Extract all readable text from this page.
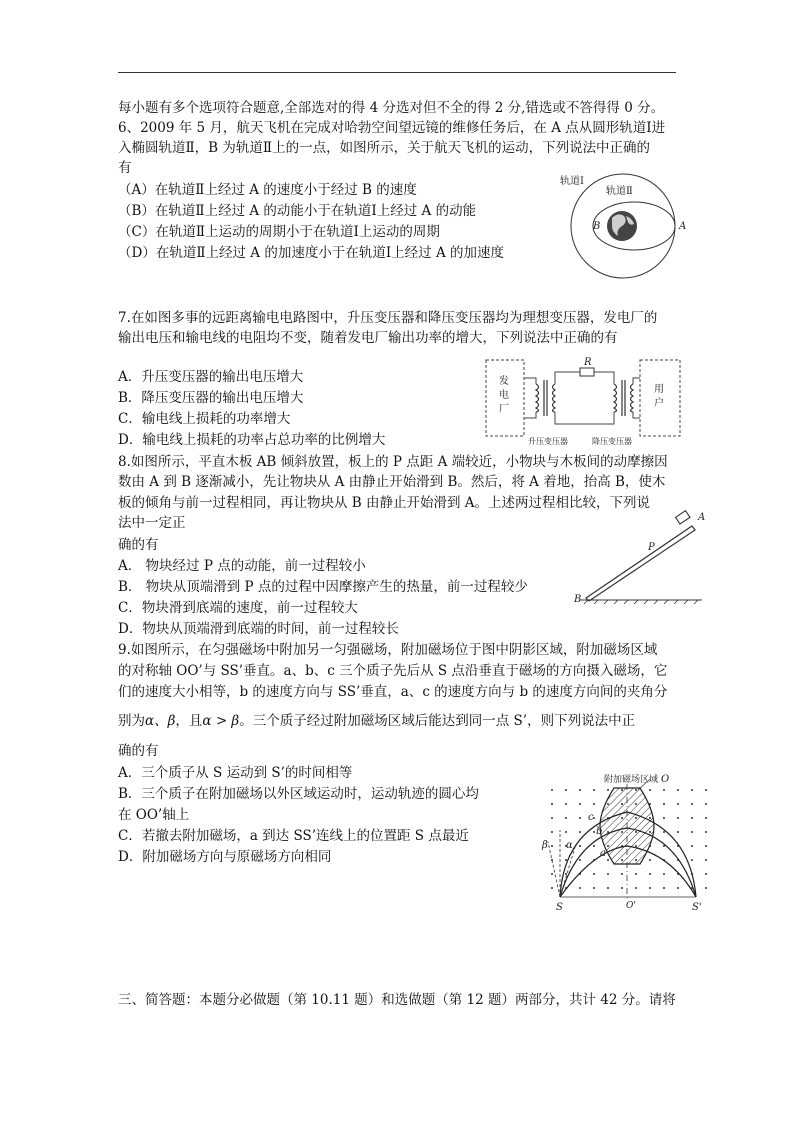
每小题有多个选项符合题意,全部选对的得 4 分选对但不全的得 2 分,错选或不答得得 0 分。
6、2009 年 5 月，航天飞机在完成对哈勃空间望远镜的维修任务后，在 A 点从圆形轨道Ⅰ进
入椭圆轨道Ⅱ，B 为轨道Ⅱ上的一点，如图所示，关于航天飞机的运动，下列说法中正确的
有
（A）在轨道Ⅱ上经过 A 的速度小于经过 B 的速度
（B）在轨道Ⅱ上经过 A 的动能小于在轨道Ⅰ上经过 A 的动能
（C）在轨道Ⅱ上运动的周期小于在轨道Ⅰ上运动的周期
（D）在轨道Ⅱ上经过 A 的加速度小于在轨道Ⅰ上经过 A 的加速度
轨道Ⅰ
轨道Ⅱ
B	A
7.在如图多事的远距离输电电路图中，升压变压器和降压变压器均为理想变压器，发电厂的
输出电压和输电线的电阻均不变，随着发电厂输出功率的增大，下列说法中正确的有
A．升压变压器的输出电压增大
B．降压变压器的输出电压增大
C．输电线上损耗的功率增大
D．输电线上损耗的功率占总功率的比例增大
发
电
厂
用
户
R
升压变压器	降压变压器
8.如图所示，平直木板 AB 倾斜放置，板上的 P 点距 A 端较近，小物块与木板间的动摩擦因
数由 A 到 B 逐渐减小，先让物块从 A 由静止开始滑到 B。然后，将 A 着地，抬高 B，使木
板的倾角与前一过程相同，再让物块从 B 由静止开始滑到 A。上述两过程相比较，下列说
法中一定正
确的有
A． 物块经过 P 点的动能，前一过程较小
B． 物块从顶端滑到 P 点的过程中因摩擦产生的热量，前一过程较少
C．物块滑到底端的速度，前一过程较大
D．物块从顶端滑到底端的时间，前一过程较长
A
P
B
9.如图所示，在匀强磁场中附加另一匀强磁场，附加磁场位于图中阴影区域，附加磁场区域
的对称轴 OO’与 SS’垂直。a、b、c 三个质子先后从 S 点沿垂直于磁场的方向摄入磁场，它
们的速度大小相等，b 的速度方向与 SS’垂直，a、c 的速度方向与 b 的速度方向间的夹角分
别为α、β，且α > β。三个质子经过附加磁场区域后能达到同一点 S’，则下列说法中正
确的有
A．三个质子从 S 运动到 S’的时间相等
B．三个质子在附加磁场以外区域运动时，运动轨迹的圆心均
在 OO’轴上
C．若撤去附加磁场，a 到达 SS’连线上的位置距 S 点最近
D．附加磁场方向与原磁场方向相同
附加磁场区域 O
O'
S	S'
c
b
a
β α
三、简答题：本题分必做题（第 10.11 题）和选做题（第 12 题）两部分，共计 42 分。请将
